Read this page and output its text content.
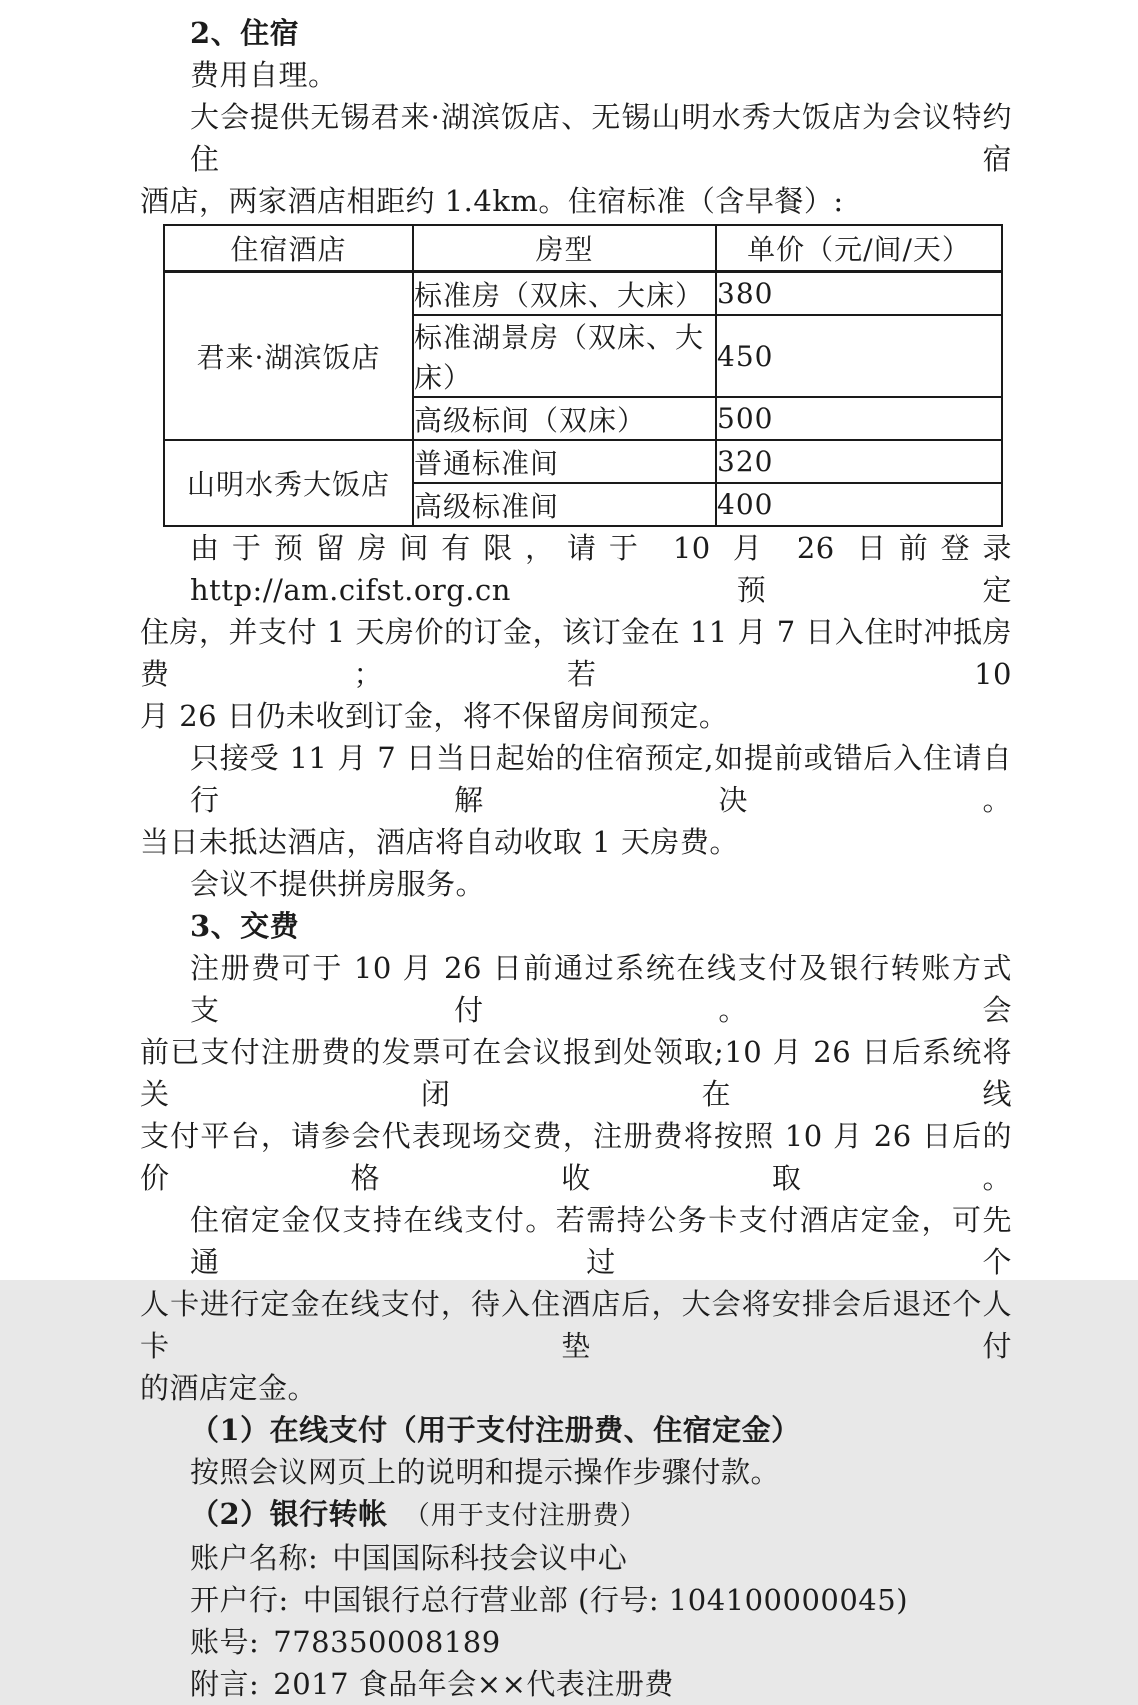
2、住宿
费用自理。
大会提供无锡君来·湖滨饭店、无锡山明水秀大饭店为会议特约住宿
酒店，两家酒店相距约 1.4km。住宿标准（含早餐）:
住宿酒店	房型	单价（元/间/天）
君来·湖滨饭店	标准房（双床、大床）	380
	标准湖景房（双床、大床）	450
	高级标间（双床）	500
山明水秀大饭店	普通标准间	320
	高级标准间	400
由于预留房间有限，请于 10 月 26 日前登录 http://am.cifst.org.cn 预定
住房，并支付 1 天房价的订金，该订金在 11 月 7 日入住时冲抵房费；若 10
月 26 日仍未收到订金，将不保留房间预定。
只接受 11 月 7 日当日起始的住宿预定,如提前或错后入住请自行解决。
当日未抵达酒店，酒店将自动收取 1 天房费。
会议不提供拼房服务。
3、交费
注册费可于 10 月 26 日前通过系统在线支付及银行转账方式支付。会
前已支付注册费的发票可在会议报到处领取;10 月 26 日后系统将关闭在线
支付平台，请参会代表现场交费，注册费将按照 10 月 26 日后的价格收取。
住宿定金仅支持在线支付。若需持公务卡支付酒店定金，可先通过个
人卡进行定金在线支付，待入住酒店后，大会将安排会后退还个人卡垫付
的酒店定金。
（1）在线支付（用于支付注册费、住宿定金）
按照会议网页上的说明和提示操作步骤付款。
（2）银行转帐 （用于支付注册费）
账户名称: 中国国际科技会议中心
开户行: 中国银行总行营业部 (行号: 104100000045)
账号: 778350008189
附言: 2017 食品年会××代表注册费
